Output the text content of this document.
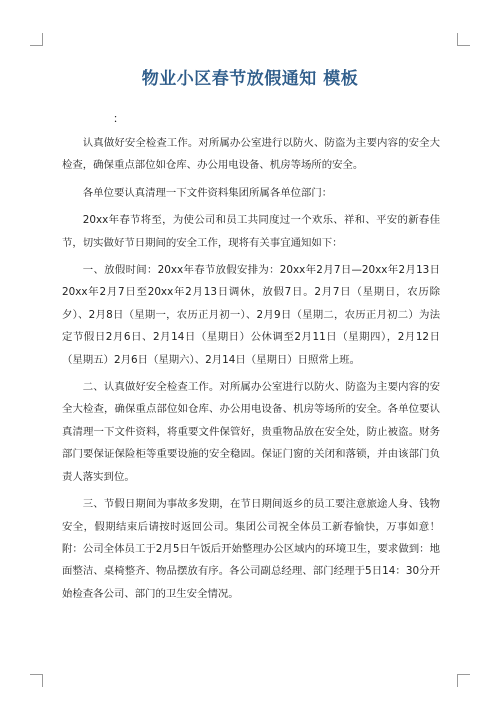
物业小区春节放假通知 模板
：

认真做好安全检查工作。对所属办公室进行以防火、防盗为主要内容的安全大检查，确保重点部位如仓库、办公用电设备、机房等场所的安全。

各单位要认真清理一下文件资料集团所属各单位部门：

20xx年春节将至，为使公司和员工共同度过一个欢乐、祥和、平安的新春佳节，切实做好节日期间的安全工作，现将有关事宜通知如下：

一、放假时间：20xx年春节放假安排为：20xx年2月7日—20xx年2月13日20xx年2月7日至20xx年2月13日调休，放假7日。2月7日（星期日，农历除夕）、2月8日（星期一，农历正月初一）、2月9日（星期二，农历正月初二）为法定节假日2月6日、2月14日（星期日）公休调至2月11日（星期四），2月12日（星期五）2月6日（星期六）、2月14日（星期日）日照常上班。

二、认真做好安全检查工作。对所属办公室进行以防火、防盗为主要内容的安全大检查，确保重点部位如仓库、办公用电设备、机房等场所的安全。各单位要认真清理一下文件资料，将重要文件保管好，贵重物品放在安全处，防止被盗。财务部门要保证保险柜等重要设施的安全稳固。保证门窗的关闭和落锁，并由该部门负责人落实到位。

三、节假日期间为事故多发期，在节日期间返乡的员工要注意旅途人身、钱物安全，假期结束后请按时返回公司。集团公司祝全体员工新春愉快，万事如意！附：公司全体员工于2月5日午饭后开始整理办公区域内的环境卫生，要求做到：地面整洁、桌椅整齐、物品摆放有序。各公司副总经理、部门经理于5日14：30分开始检查各公司、部门的卫生安全情况。
